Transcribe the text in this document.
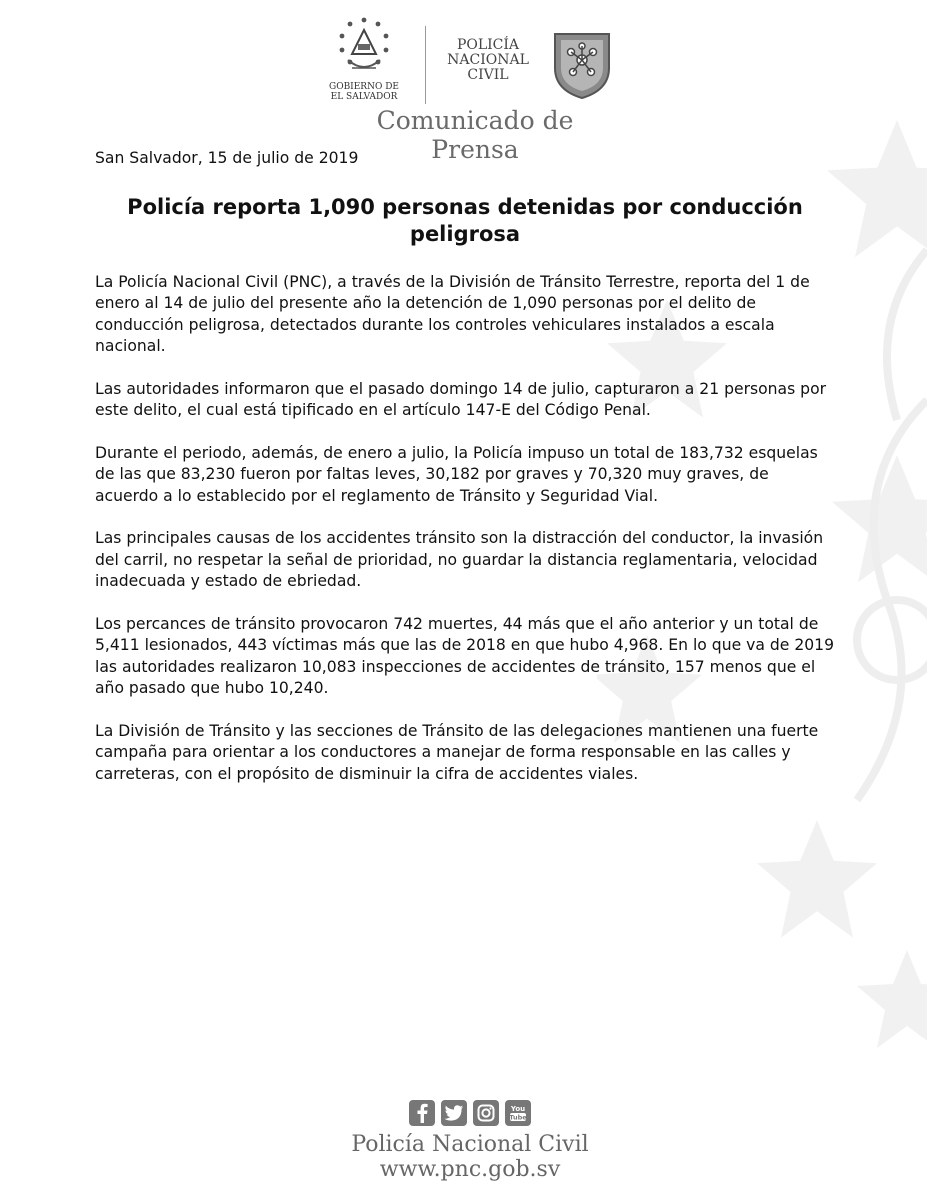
GOBIERNO DE
EL SALVADOR
POLICÍA
NACIONAL
CIVIL
Comunicado de Prensa

San Salvador, 15 de julio de 2019

Policía reporta 1,090 personas detenidas por conducción peligrosa

La Policía Nacional Civil (PNC), a través de la División de Tránsito Terrestre, reporta del 1 de enero al 14 de julio del presente año la detención de 1,090 personas por el delito de conducción peligrosa, detectados durante los controles vehiculares instalados a escala nacional.

Las autoridades informaron que el pasado domingo 14 de julio, capturaron a 21 personas por este delito, el cual está tipificado en el artículo 147-E del Código Penal.

Durante el periodo, además, de enero a julio, la Policía impuso un total de 183,732 esquelas de las que 83,230 fueron por faltas leves, 30,182 por graves y 70,320 muy graves, de acuerdo a lo establecido por el reglamento de Tránsito y Seguridad Vial.

Las principales causas de los accidentes tránsito son la distracción del conductor, la invasión del carril, no respetar la señal de prioridad, no guardar la distancia reglamentaria, velocidad inadecuada y estado de ebriedad.

Los percances de tránsito provocaron 742 muertes, 44 más que el año anterior y un total de 5,411 lesionados, 443 víctimas más que las de 2018 en que hubo 4,968. En lo que va de 2019 las autoridades realizaron 10,083 inspecciones de accidentes de tránsito, 157 menos que el año pasado que hubo 10,240.

La División de Tránsito y las secciones de Tránsito de las delegaciones mantienen una fuerte campaña para orientar a los conductores a manejar de forma responsable en las calles y carreteras, con el propósito de disminuir la cifra de accidentes viales.

You
Tube
Policía Nacional Civil
www.pnc.gob.sv
